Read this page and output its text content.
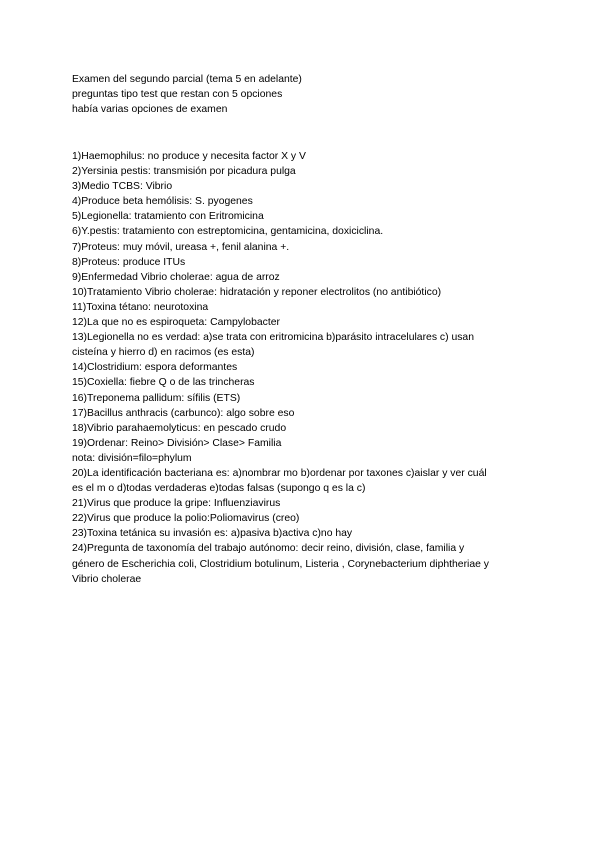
Examen del segundo parcial (tema 5 en adelante)
preguntas tipo test que restan con 5 opciones
había varias opciones de examen
1)Haemophilus: no produce y necesita factor X y V
2)Yersinia pestis: transmisión por picadura pulga
3)Medio TCBS: Vibrio
4)Produce beta hemólisis: S. pyogenes
5)Legionella: tratamiento con Eritromicina
6)Y.pestis: tratamiento con estreptomicina, gentamicina, doxiciclina.
7)Proteus: muy móvil, ureasa +, fenil alanina +.
8)Proteus: produce ITUs
9)Enfermedad Vibrio cholerae: agua de arroz
10)Tratamiento Vibrio cholerae: hidratación y reponer electrolitos (no antibiótico)
11)Toxina tétano: neurotoxina
12)La que no es espiroqueta: Campylobacter
13)Legionella no es verdad: a)se trata con eritromicina b)parásito intracelulares c) usan
cisteína y hierro d) en racimos (es esta)
14)Clostridium: espora deformantes
15)Coxiella: fiebre Q o de las trincheras
16)Treponema pallidum: sífilis (ETS)
17)Bacillus anthracis (carbunco): algo sobre eso
18)Vibrio parahaemolyticus: en pescado crudo
19)Ordenar: Reino> División> Clase> Familia
nota: división=filo=phylum
20)La identificación bacteriana es: a)nombrar mo b)ordenar por taxones c)aislar y ver cuál
es el m o d)todas verdaderas e)todas falsas (supongo q es la c)
21)Virus que produce la gripe: Influenziavirus
22)Virus que produce la polio:Poliomavirus (creo)
23)Toxina tetánica su invasión es: a)pasiva b)activa c)no hay
24)Pregunta de taxonomía del trabajo autónomo: decir reino, división, clase, familia y
género de Escherichia coli, Clostridium botulinum, Listeria , Corynebacterium diphtheriae y
Vibrio cholerae
